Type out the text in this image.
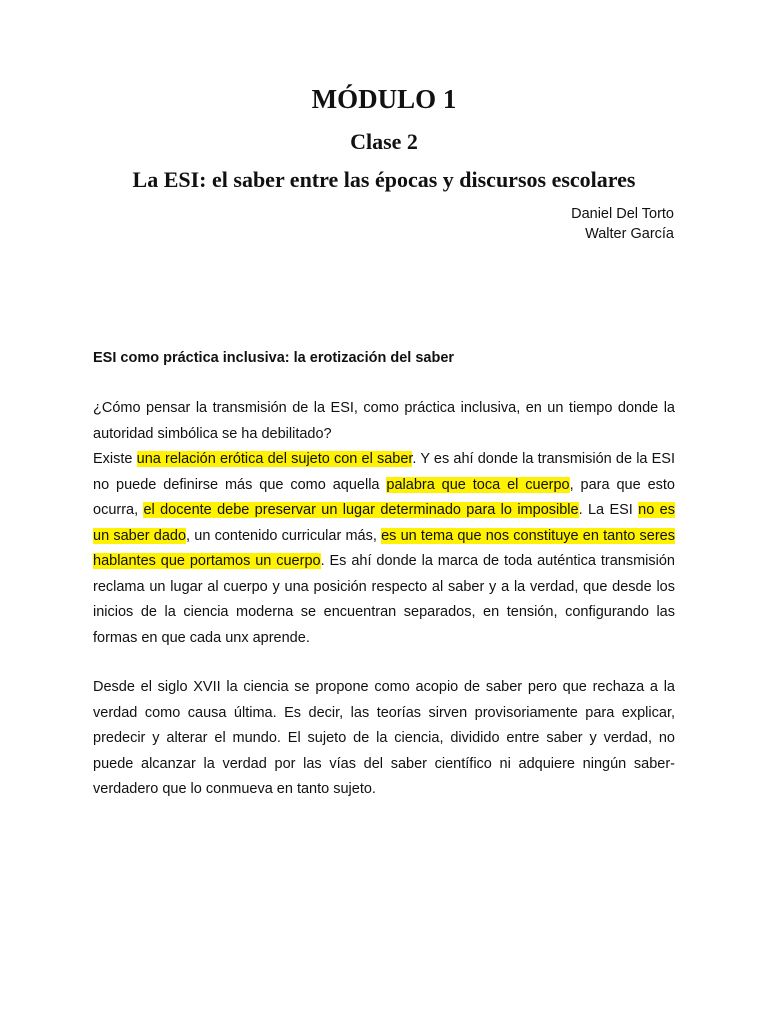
MÓDULO 1
Clase 2
La ESI: el saber entre las épocas y discursos escolares
Daniel Del Torto
Walter García
ESI como práctica inclusiva: la erotización del saber
¿Cómo pensar la transmisión de la ESI, como práctica inclusiva, en un tiempo donde la autoridad simbólica se ha debilitado?
Existe una relación erótica del sujeto con el saber. Y es ahí donde la transmisión de la ESI no puede definirse más que como aquella palabra que toca el cuerpo, para que esto ocurra, el docente debe preservar un lugar determinado para lo imposible. La ESI no es un saber dado, un contenido curricular más, es un tema que nos constituye en tanto seres hablantes que portamos un cuerpo. Es ahí donde la marca de toda auténtica transmisión reclama un lugar al cuerpo y una posición respecto al saber y a la verdad, que desde los inicios de la ciencia moderna se encuentran separados, en tensión, configurando las formas en que cada unx aprende.
Desde el siglo XVII la ciencia se propone como acopio de saber pero que rechaza a la verdad como causa última. Es decir, las teorías sirven provisoriamente para explicar, predecir y alterar el mundo. El sujeto de la ciencia, dividido entre saber y verdad, no puede alcanzar la verdad por las vías del saber científico ni adquiere ningún saber-verdadero que lo conmueva en tanto sujeto.
